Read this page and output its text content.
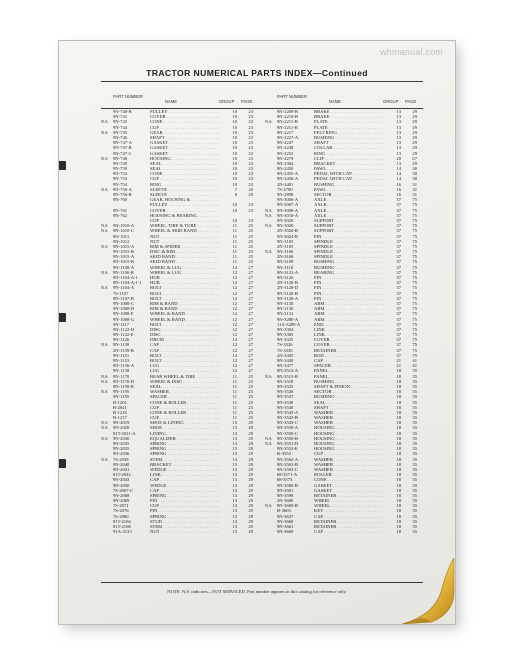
whmanual.com
TRACTOR NUMERICAL PARTS INDEX—Continued
PART NUMBER
NAME	GROUP PAGE
9N-740-B	PULLEY . . .	10	23
9N-741	COVER . . .	10	23
N.S. 9N-743	CONE . . .	10	23
9N-744	CUP . . .	10	23
N.S. 9N-745	GEAR . . .	10	23
9N-746	SHAFT . . .	10	23
9N-747-A	GASKET . . .	10	23
9N-747-B	GASKET . . .	10	23
9N-747-C	GASKET . . .	10	23
N.S. 9N-748	HOUSING . . .	10	23
9N-749	SEAL . . .	10	23
9N-750	SEAL . . .	10	23
9N-752	CONE . . .	10	23
9N-753	CUP . . .	10	23
9N-754	RING . . .	10	23
N.S. 9N-756-A	SLEEVE . . .	7	20
9N-756-B	SLEEVE . . .	8	20
9N-760	GEAR, HOUSING & . . .
PULLEY . . .	10	23
9N-761	COVER . . .	10	23
9N-762	HOUSING & BEARING . . .
CUP . . .	10	23
N.S. 9N-1010-A	WHEEL, TIRE & TUBE . . .	11	25
N.S. 9N-1010-C	WHEEL & SKID BAND . . .	11	25
9N-1011	NUT . . .	11	25
9N-1012	NUT . . .	11	25
N.S. 9N-1015-A	RIM & SPIDER . . .	11	25
9N-1015-B	DISC & RIM . . .	11	25
9N-1015-A	SKID BAND . . .	11	25
9N-1015-B	SKID BAND . . .	11	25
9N-1100-A	WHEEL & LUG . . .	12	27
N.S. 9N-1100-B	WHEEL & LUG . . .	12	27
9N-1104-A-1	HUB . . .	12	27
9N-1104-A-1-1 HUB . . .	12	27
N.S. 9N-1104-A	BOLT . . .	12	27
7S-1107	BOLT . . .	12	27
9N-1107-B	BOLT . . .	12	27
9N-1008-C	RIM & BAND . . .	12	27
9N-1008-D	RIM & BAND . . .	12	27
9N-1008-F	WHEEL & BAND . . .	12	27
9N-1008-G	WHEEL & BAND . . .	12	27
9N-1117	BOLT . . .	12	27
9N-1122-D	DISC . . .	12	27
9N-1122-E	DISC . . .	12	27
9N-1126	DRUM . . .	12	27
N.S. 9N-1139	CAP . . .	12	27
2N-1139-B	CAP . . .	12	27
9N-1151	BOLT . . .	12	27
9N-1153	BOLT . . .	12	27
9N-1156-A	LUG . . .	12	27
9N-1158	LUG . . .	12	27
N.S. 9N-1170	REAR WHEEL & TIRE . . .	11	25
N.S. 9N-1170-D	WHEEL & DISC . . .	11	25
9N-1190-B	SEAL . . .	11	25
N.S. 9N-1195	WASHER . . .	11	25
9N-1195	SPACER . . .	11	25
B-1201	CONE & ROLLER . . .	11	25
B-2041	CUP . . .	11	25
B-1216	CONE & ROLLER . . .	11	25
B-1217	CUP . . .	11	25
N.S. 9N-2019	SHOE & LINING . . .	13	29
N.S. 9N-2020	SHOE . . .	13	29
81T-2021-A	LINING . . .	13	29
N.S. 9N-2030	EQUALIZER . . .	13	29
9N-2035	SPRING . . .	13	29
9N-2035	SPRING . . .	13	29
9N-2036	SPRING . . .	13	29
N.S. 7S-2038	STEM . . .	13	29
9N-2040	BRACKET . . .	13	29
9N-2041	WEDGE . . .	13	29
81T-2042	LINK . . .	13	29
9N-2043	CAP . . .	13	29
9N-2050	WEDGE . . .	13	29
7S-2067-C	CAP . . .	13	29
9N-2068	SPRING . . .	13	29
9N-2069	PIN . . .	13	29
7S-2071	CUP . . .	13	29
7S-2076	PIN . . .	13	29
7S-2080	SPRING . . .	13	29
81T-2104	STUD . . .	13	29
81T-2168	STEM . . .	13	29
91A-2133	NUT . . .	13	29
PART NUMBER
NAME	GROUP PAGE
9N-2209-B	BRAKE . . .	13	29
9N-2210-B	BRAKE . . .	13	29
N.S. 9N-2211-B	PLATE . . .	13	29
9N-2211-B	PLATE . . .	13	29
9N-2217	FELT RING . . .	13	29
9N-2227-A	BUSHING . . .	13	29
9N-2247	SHAFT . . .	13	29
9N-2248	COLLAR . . .	13	29
9N-2252	RING . . .	13	29
9N-2279	CLIP . . .	20	67
9N-2304	BRACKET . . .	13	29
9N-2450	PAWL . . .	14	30
9N-2455-A	PEDAL WITH CAP . . .	14	30
9N-2456-A	PEDAL WITH CAP . . .	14	30
2N-2481	BUSHING . . .	16	31
7S-2780	PAWL . . .	16	31
9N-2898	SECTOR . . .	16	31
9N-3006-A	AXLE . . .	37	75
9N-3007-A	AXLE . . .	37	75
N.S. 9N-3008-A	AXLE . . .	37	75
N.S. 9N-3010-A	AXLE . . .	37	75
9N-3020	SUPPORT . . .	37	75
N.S. 9N-3020	SUPPORT . . .	37	75
2N-3020-B	SUPPORT . . .	37	75
9N-3024-B	PIN . . .	37	75
9N-3105	SPINDLE . . .	37	75
2N-3105	SPINDLE . . .	37	75
N.S. 9N-3106	SPINDLE . . .	37	75
2N-3106	SPINDLE . . .	37	75
9N-3109	BUSHING . . .	37	75
9N-3110	BUSHING . . .	37	75
9N-3123-A	BEARING . . .	37	75
9N-3126	PIN . . .	37	75
2N-3128-B	PIN . . .	37	75
2N-3128-D	PIN . . .	37	75
9N-3128-B	PIN . . .	37	75
9N-3128-A	PIN . . .	37	75
9N-3130	ARM . . .	37	75
9N-3130	ARM . . .	37	75
9N-3131	ARM . . .	37	75
9N-3280-A	ARM . . .	37	75
11A-3289-A	END . . .	37	75
9N-3304	LINK . . .	37	75
9N-3305	LINK . . .	37	75
9N-3325	COVER . . .	37	75
7S-3326	COVER . . .	37	75
7S-3336	RETAINER . . .	37	75
2N-3405	ROD . . .	37	75
9N-3440	CAP . . .	21	41
9N-3477	SPACER . . .	21	41
9N-3513-A	PANEL . . .	18	35
N.S. 9N-3513-B	PANEL . . .	18	35
9N-3518	BUSHING . . .	18	35
9N-3525	SHAFT & PINION . . .	18	35
9N-3526	SECTOR . . .	18	35
9N-3537	BUSHING . . .	18	35
9N-3538	SEAL . . .	18	35
9N-3540	SHAFT . . .	18	35
9N-3543-A	WASHER . . .	18	35
9N-3543-B	WASHER . . .	18	35
9N-3543-C	WASHER . . .	18	35
9N-3550-A	HOUSING . . .	18	35
9N-3550-C	HOUSING . . .	18	35
N.S. 9N-3550-B	HOUSING . . .	18	35
N.S. 9N-3551-D	HOUSING . . .	18	35
9N-3552-E	HOUSING . . .	18	35
B-3553	CUP . . .	18	35
9N-3562-A	WASHER . . .	18	35
9N-3563-B	WASHER . . .	18	35
9N-3563-C	WASHER . . .	18	35
68-3571-A	ROLLER . . .	18	35
68-3573	CONE . . .	18	35
9N-3580-B	GASKET . . .	18	35
9N-3581	GASKET . . .	18	35
9N-3598	RETAINER . . .	18	35
2N-3600	WHEEL . . .	18	35
N.S. 9N-3600-B	WHEEL . . .	18	35
B-3603	KEY . . .	18	35
9N-3637	CAP . . .	18	35
9N-3660	RETAINER . . .	18	35
9N-3661	RETAINER . . .	18	35
9N-3669	CAP . . .	18	35
NOTE: N.S. indicates—NOT SERVICED. Part number appears in this catalog for reference only.
